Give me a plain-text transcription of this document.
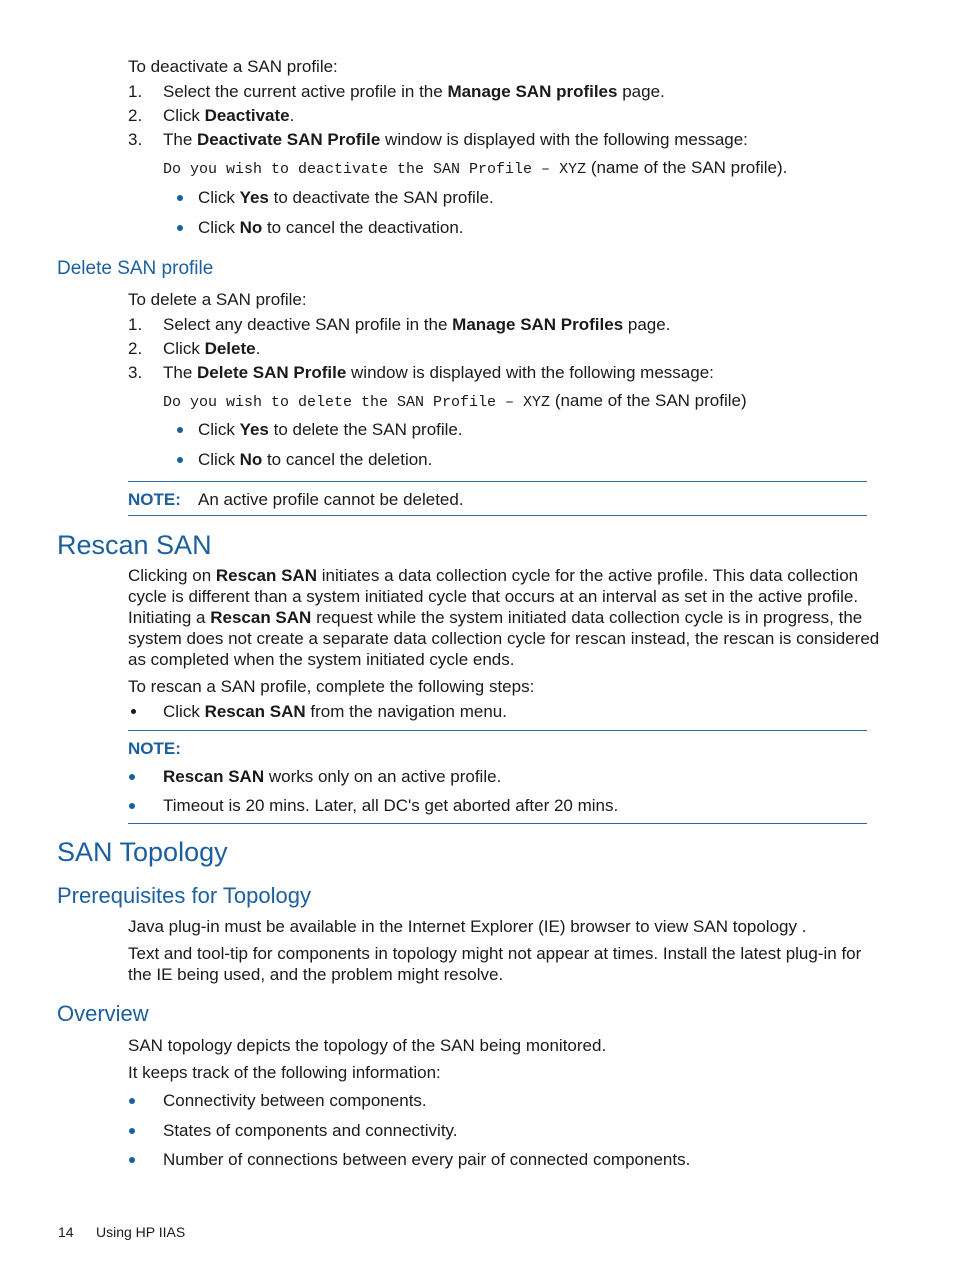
To deactivate a SAN profile:
1. Select the current active profile in the Manage SAN profiles page.
2. Click Deactivate.
3. The Deactivate SAN Profile window is displayed with the following message:
Do you wish to deactivate the SAN Profile – XYZ (name of the SAN profile).
Click Yes to deactivate the SAN profile.
Click No to cancel the deactivation.
Delete SAN profile
To delete a SAN profile:
1. Select any deactive SAN profile in the Manage SAN Profiles page.
2. Click Delete.
3. The Delete SAN Profile window is displayed with the following message:
Do you wish to delete the SAN Profile – XYZ (name of the SAN profile)
Click Yes to delete the SAN profile.
Click No to cancel the deletion.
NOTE: An active profile cannot be deleted.
Rescan SAN
Clicking on Rescan SAN initiates a data collection cycle for the active profile. This data collection
cycle is different than a system initiated cycle that occurs at an interval as set in the active profile.
Initiating a Rescan SAN request while the system initiated data collection cycle is in progress, the
system does not create a separate data collection cycle for rescan instead, the rescan is considered
as completed when the system initiated cycle ends.
To rescan a SAN profile, complete the following steps:
Click Rescan SAN from the navigation menu.
NOTE:
Rescan SAN works only on an active profile.
Timeout is 20 mins. Later, all DC's get aborted after 20 mins.
SAN Topology
Prerequisites for Topology
Java plug-in must be available in the Internet Explorer (IE) browser to view SAN topology .
Text and tool-tip for components in topology might not appear at times. Install the latest plug-in for
the IE being used, and the problem might resolve.
Overview
SAN topology depicts the topology of the SAN being monitored.
It keeps track of the following information:
Connectivity between components.
States of components and connectivity.
Number of connections between every pair of connected components.
14 Using HP IIAS
